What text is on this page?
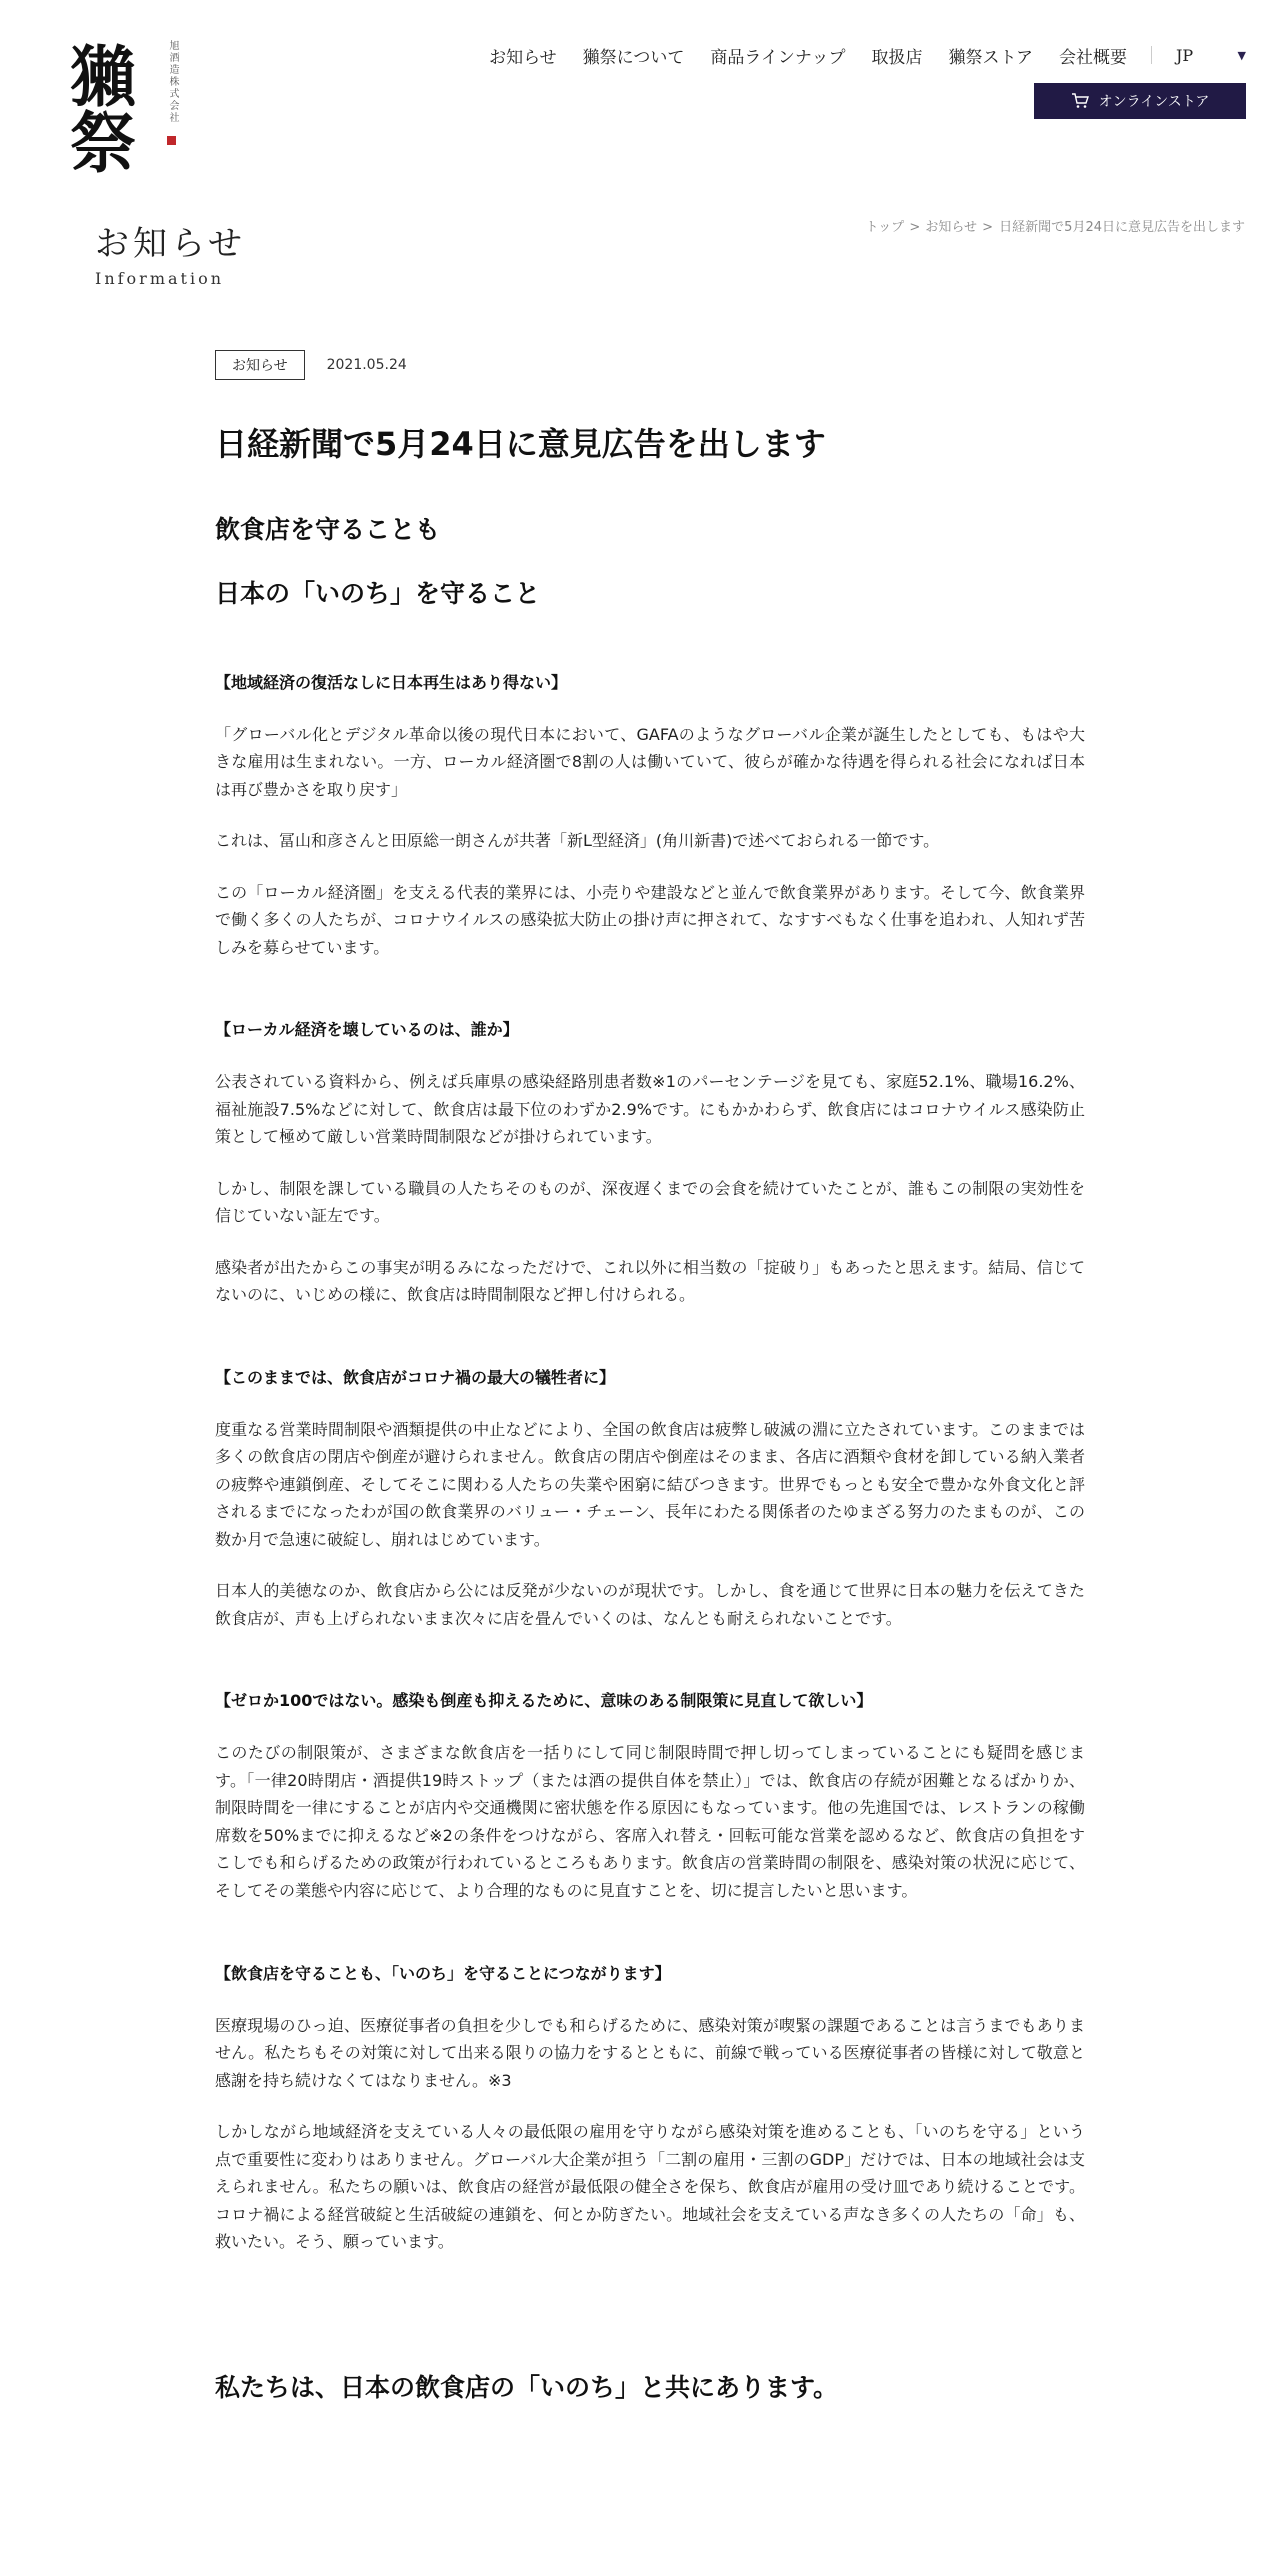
獺
祭
旭酒造株式会社	お知らせ 獺祭について 商品ラインナップ 取扱店 獺祭ストア 会社概要	JP	▼
オンラインストア
お知らせ
Information
トップ > お知らせ > 日経新聞で5月24日に意見広告を出します
お知らせ	2021.05.24
日経新聞で5月24日に意見広告を出します

飲食店を守ることも

日本の「いのち」を守ること

【地域経済の復活なしに日本再生はあり得ない】

「グローバル化とデジタル革命以後の現代日本において、GAFAのようなグローバル企業が誕生したとしても、もはや大きな雇用は生まれない。一方、ローカル経済圏で8割の人は働いていて、彼らが確かな待遇を得られる社会になれば日本は再び豊かさを取り戻す」

これは、冨山和彦さんと田原総一朗さんが共著「新L型経済」(角川新書)で述べておられる一節です。

この「ローカル経済圏」を支える代表的業界には、小売りや建設などと並んで飲食業界があります。そして今、飲食業界で働く多くの人たちが、コロナウイルスの感染拡大防止の掛け声に押されて、なすすべもなく仕事を追われ、人知れず苦しみを募らせています。

【ローカル経済を壊しているのは、誰か】

公表されている資料から、例えば兵庫県の感染経路別患者数※1のパーセンテージを見ても、家庭52.1%、職場16.2%、福祉施設7.5%などに対して、飲食店は最下位のわずか2.9%です。にもかかわらず、飲食店にはコロナウイルス感染防止策として極めて厳しい営業時間制限などが掛けられています。

しかし、制限を課している職員の人たちそのものが、深夜遅くまでの会食を続けていたことが、誰もこの制限の実効性を信じていない証左です。

感染者が出たからこの事実が明るみになっただけで、これ以外に相当数の「掟破り」もあったと思えます。結局、信じてないのに、いじめの様に、飲食店は時間制限など押し付けられる。

【このままでは、飲食店がコロナ禍の最大の犠牲者に】

度重なる営業時間制限や酒類提供の中止などにより、全国の飲食店は疲弊し破滅の淵に立たされています。このままでは多くの飲食店の閉店や倒産が避けられません。飲食店の閉店や倒産はそのまま、各店に酒類や食材を卸している納入業者の疲弊や連鎖倒産、そしてそこに関わる人たちの失業や困窮に結びつきます。世界でもっとも安全で豊かな外食文化と評されるまでになったわが国の飲食業界のバリュー・チェーン、長年にわたる関係者のたゆまざる努力のたまものが、この数か月で急速に破綻し、崩れはじめています。

日本人的美徳なのか、飲食店から公には反発が少ないのが現状です。しかし、食を通じて世界に日本の魅力を伝えてきた飲食店が、声も上げられないまま次々に店を畳んでいくのは、なんとも耐えられないことです。

【ゼロか100ではない。感染も倒産も抑えるために、意味のある制限策に見直して欲しい】

このたびの制限策が、さまざまな飲食店を一括りにして同じ制限時間で押し切ってしまっていることにも疑問を感じます。「一律20時閉店・酒提供19時ストップ（または酒の提供自体を禁止）」では、飲食店の存続が困難となるばかりか、制限時間を一律にすることが店内や交通機関に密状態を作る原因にもなっています。他の先進国では、レストランの稼働席数を50%までに抑えるなど※2の条件をつけながら、客席入れ替え・回転可能な営業を認めるなど、飲食店の負担をすこしでも和らげるための政策が行われているところもあります。飲食店の営業時間の制限を、感染対策の状況に応じて、そしてその業態や内容に応じて、より合理的なものに見直すことを、切に提言したいと思います。

【飲食店を守ることも、「いのち」を守ることにつながります】

医療現場のひっ迫、医療従事者の負担を少しでも和らげるために、感染対策が喫緊の課題であることは言うまでもありません。私たちもその対策に対して出来る限りの協力をするとともに、前線で戦っている医療従事者の皆様に対して敬意と感謝を持ち続けなくてはなりません。※3

しかしながら地域経済を支えている人々の最低限の雇用を守りながら感染対策を進めることも、「いのちを守る」という点で重要性に変わりはありません。グローバル大企業が担う「二割の雇用・三割のGDP」だけでは、日本の地域社会は支えられません。私たちの願いは、飲食店の経営が最低限の健全さを保ち、飲食店が雇用の受け皿であり続けることです。コロナ禍による経営破綻と生活破綻の連鎖を、何とか防ぎたい。地域社会を支えている声なき多くの人たちの「命」も、救いたい。そう、願っています。

私たちは、日本の飲食店の「いのち」と共にあります。
